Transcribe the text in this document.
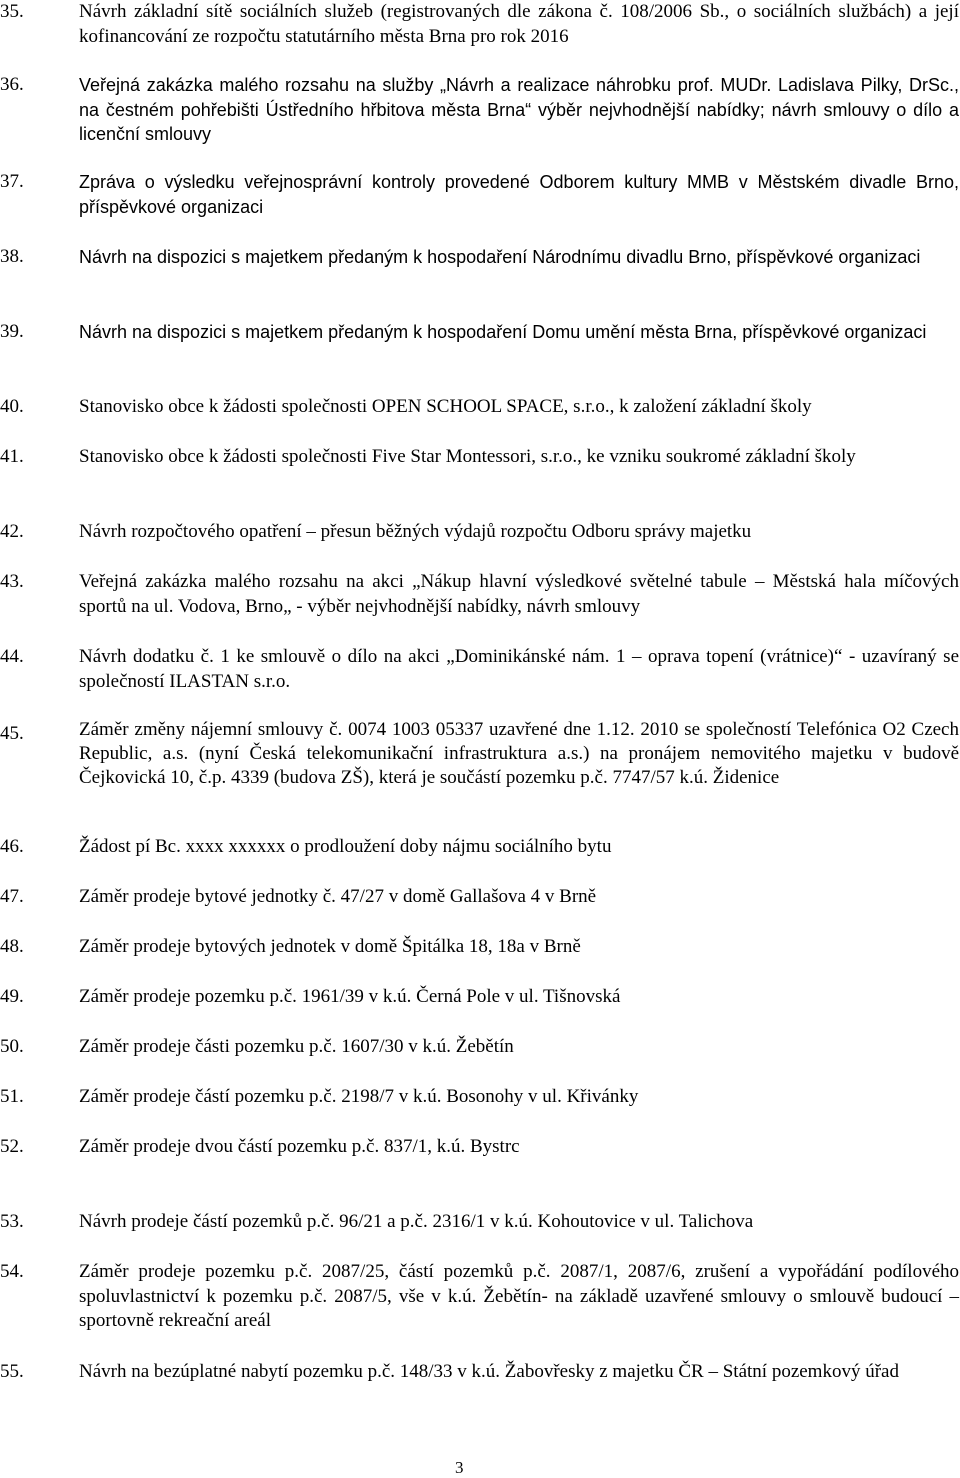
35.	Návrh základní sítě sociálních služeb (registrovaných dle zákona č. 108/2006 Sb., o sociálních službách) a její kofinancování ze rozpočtu statutárního města Brna pro rok 2016
36.	Veřejná zakázka malého rozsahu na služby „Návrh a realizace náhrobku prof. MUDr. Ladislava Pilky, DrSc., na čestném pohřebišti Ústředního hřbitova města Brna“ výběr nejvhodnější nabídky; návrh smlouvy o dílo a licenční smlouvy
37.	Zpráva o výsledku veřejnosprávní kontroly provedené Odborem kultury MMB v Městském divadle Brno, příspěvkové organizaci
38.	Návrh na dispozici s majetkem předaným k hospodaření Národnímu divadlu Brno, příspěvkové organizaci
39.	Návrh na dispozici s majetkem předaným k hospodaření Domu umění města Brna, příspěvkové organizaci
40.	Stanovisko obce k žádosti společnosti OPEN SCHOOL SPACE, s.r.o., k založení základní školy
41.	Stanovisko obce k žádosti společnosti Five Star Montessori, s.r.o., ke vzniku soukromé základní školy
42.	Návrh rozpočtového opatření – přesun běžných výdajů rozpočtu Odboru správy majetku
43.	Veřejná zakázka malého rozsahu na akci „Nákup hlavní výsledkové světelné tabule – Městská hala míčových sportů na ul. Vodova, Brno„ - výběr nejvhodnější nabídky, návrh smlouvy
44.	Návrh dodatku č. 1 ke smlouvě o dílo na akci „Dominikánské nám. 1 – oprava topení (vrátnice)“ - uzavíraný se společností ILASTAN s.r.o.
45.	Záměr změny nájemní smlouvy č. 0074 1003 05337 uzavřené dne 1.12. 2010 se společností Telefónica O2 Czech Republic, a.s. (nyní Česká telekomunikační infrastruktura a.s.) na pronájem nemovitého majetku v budově Čejkovická 10, č.p. 4339 (budova ZŠ), která je součástí pozemku p.č. 7747/57 k.ú. Židenice
46.	Žádost pí Bc. xxxx xxxxxx o prodloužení doby nájmu sociálního bytu
47.	Záměr prodeje bytové jednotky č. 47/27 v domě Gallašova 4 v Brně
48.	Záměr prodeje bytových jednotek v domě Špitálka 18, 18a v Brně
49.	Záměr prodeje pozemku p.č. 1961/39 v k.ú. Černá Pole v ul. Tišnovská
50.	Záměr prodeje části pozemku p.č. 1607/30 v k.ú. Žebětín
51.	Záměr prodeje částí pozemku p.č. 2198/7 v k.ú. Bosonohy v ul. Křivánky
52.	Záměr prodeje dvou částí pozemku p.č. 837/1, k.ú. Bystrc
53.	Návrh prodeje částí pozemků p.č. 96/21 a p.č. 2316/1 v k.ú. Kohoutovice v ul. Talichova
54.	Záměr prodeje pozemku p.č. 2087/25, částí pozemků p.č. 2087/1, 2087/6, zrušení a vypořádání podílového spoluvlastnictví k pozemku p.č. 2087/5, vše v k.ú. Žebětín- na základě uzavřené smlouvy o smlouvě budoucí – sportovně rekreační areál
55.	Návrh na bezúplatné nabytí pozemku p.č. 148/33 v k.ú. Žabovřesky z majetku ČR – Státní pozemkový úřad
3
